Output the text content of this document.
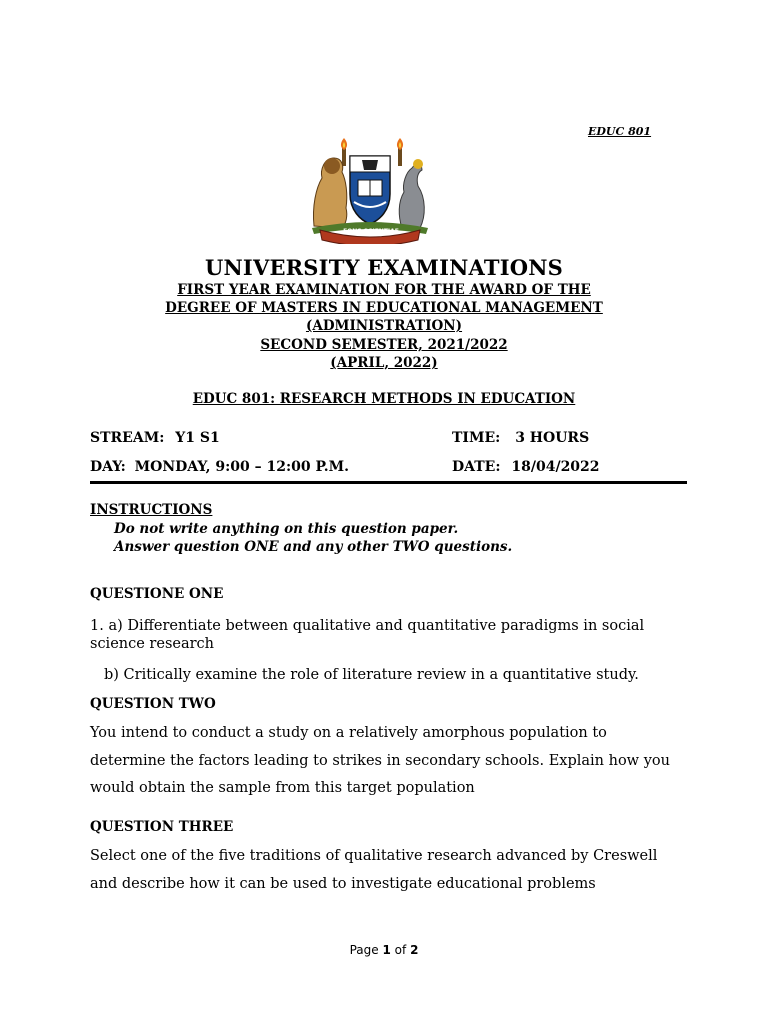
EDUC 801
FONS SCIENTIAE
UNIVERSITY EXAMINATIONS
FIRST YEAR EXAMINATION FOR THE AWARD OF THE
DEGREE OF MASTERS IN EDUCATIONAL MANAGEMENT
(ADMINISTRATION)
SECOND SEMESTER, 2021/2022
(APRIL, 2022)
EDUC 801: RESEARCH METHODS IN EDUCATION
STREAM: Y1 S1	TIME: 3 HOURS
DAY: MONDAY, 9:00 – 12:00 P.M.	DATE: 18/04/2022
INSTRUCTIONS
Do not write anything on this question paper.
Answer question ONE and any other TWO questions.
QUESTIONE ONE
1. a) Differentiate between qualitative and quantitative paradigms in social science research
b) Critically examine the role of literature review in a quantitative study.
QUESTION TWO
You intend to conduct a study on a relatively amorphous population to determine the factors leading to strikes in secondary schools. Explain how you would obtain the sample from this target population
QUESTION THREE
Select one of the five traditions of qualitative research advanced by Creswell and describe how it can be used to investigate educational problems
Page 1 of 2
